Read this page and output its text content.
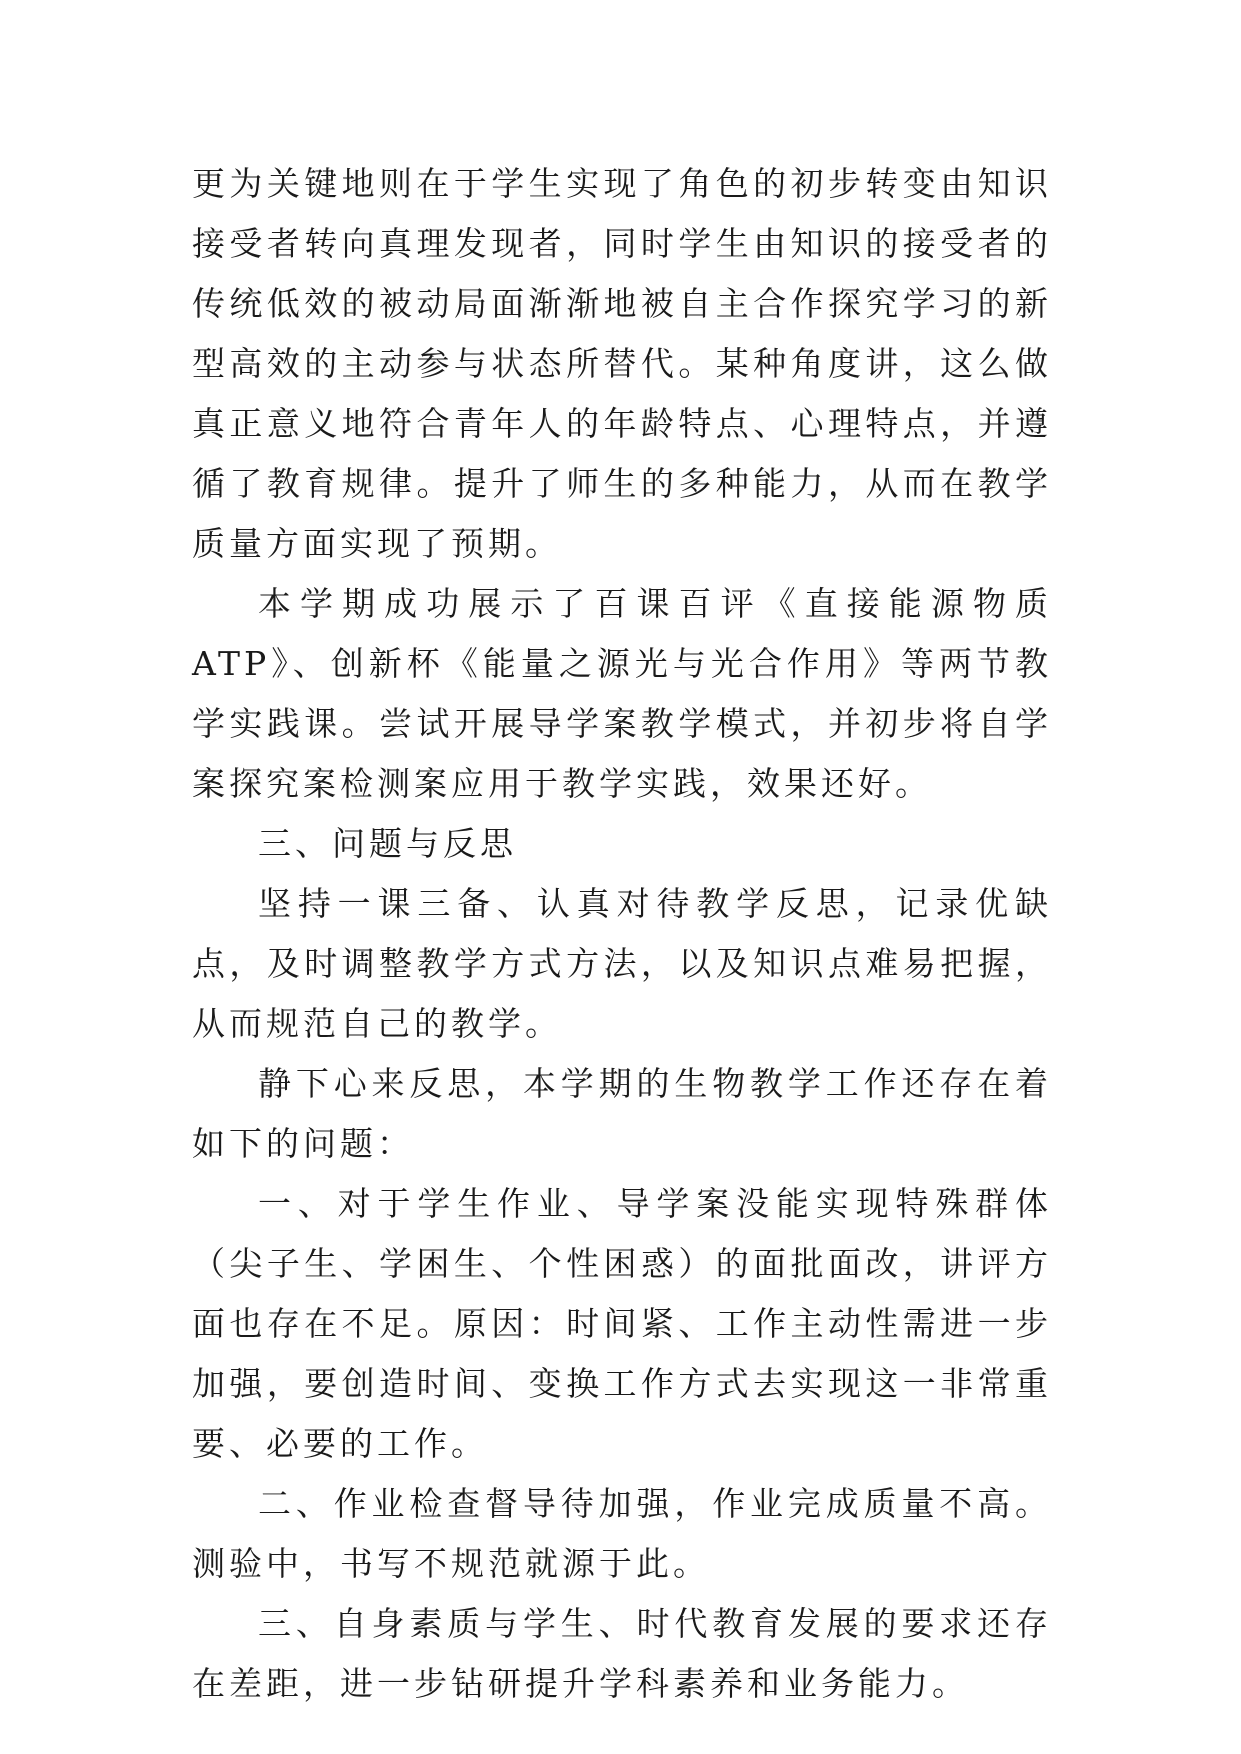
更为关键地则在于学生实现了角色的初步转变由知识接受者转向真理发现者，同时学生由知识的接受者的传统低效的被动局面渐渐地被自主合作探究学习的新型高效的主动参与状态所替代。某种角度讲，这么做真正意义地符合青年人的年龄特点、心理特点，并遵循了教育规律。提升了师生的多种能力，从而在教学质量方面实现了预期。

本学期成功展示了百课百评《直接能源物质ATP》、创新杯《能量之源光与光合作用》等两节教学实践课。尝试开展导学案教学模式，并初步将自学案探究案检测案应用于教学实践，效果还好。

三、问题与反思

坚持一课三备、认真对待教学反思，记录优缺点，及时调整教学方式方法，以及知识点难易把握，从而规范自己的教学。

静下心来反思，本学期的生物教学工作还存在着如下的问题：

一、对于学生作业、导学案没能实现特殊群体（尖子生、学困生、个性困惑）的面批面改，讲评方面也存在不足。原因：时间紧、工作主动性需进一步加强，要创造时间、变换工作方式去实现这一非常重要、必要的工作。

二、作业检查督导待加强，作业完成质量不高。测验中，书写不规范就源于此。

三、自身素质与学生、时代教育发展的要求还存在差距，进一步钻研提升学科素养和业务能力。
